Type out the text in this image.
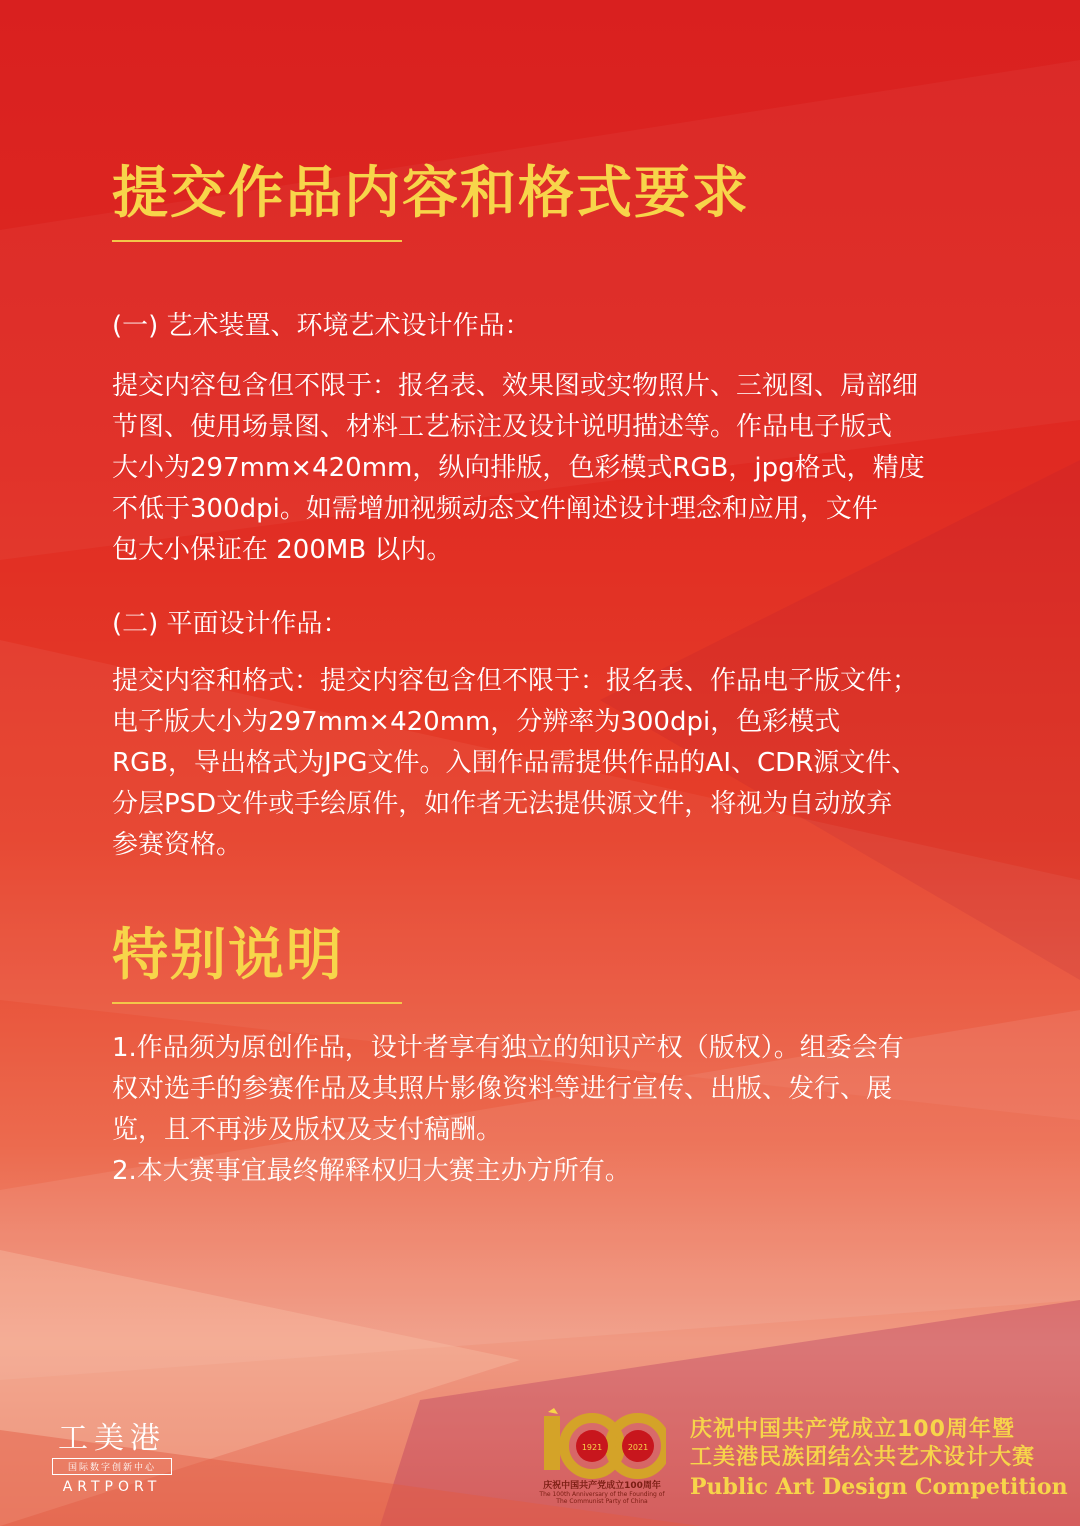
提交作品内容和格式要求

(一) 艺术装置、环境艺术设计作品：

提交内容包含但不限于：报名表、效果图或实物照片、三视图、局部细
节图、使用场景图、材料工艺标注及设计说明描述等。作品电子版式
大小为297mm×420mm，纵向排版，色彩模式RGB，jpg格式，精度
不低于300dpi。如需增加视频动态文件阐述设计理念和应用，文件
包大小保证在 200MB 以内。

(二) 平面设计作品：

提交内容和格式：提交内容包含但不限于：报名表、作品电子版文件；
电子版大小为297mm×420mm，分辨率为300dpi，色彩模式
RGB，导出格式为JPG文件。入围作品需提供作品的AI、CDR源文件、
分层PSD文件或手绘原件，如作者无法提供源文件，将视为自动放弃
参赛资格。

特别说明

1.作品须为原创作品，设计者享有独立的知识产权（版权）。组委会有
权对选手的参赛作品及其照片影像资料等进行宣传、出版、发行、展
览，且不再涉及版权及支付稿酬。

2.本大赛事宜最终解释权归大赛主办方所有。

工美港
国际数字创新中心
ARTPORT
1921	2021
庆祝中国共产党成立100周年
The 100th Anniversary of the Founding of
The Communist Party of China
庆祝中国共产党成立100周年暨
工美港民族团结公共艺术设计大赛
Public Art Design Competition
